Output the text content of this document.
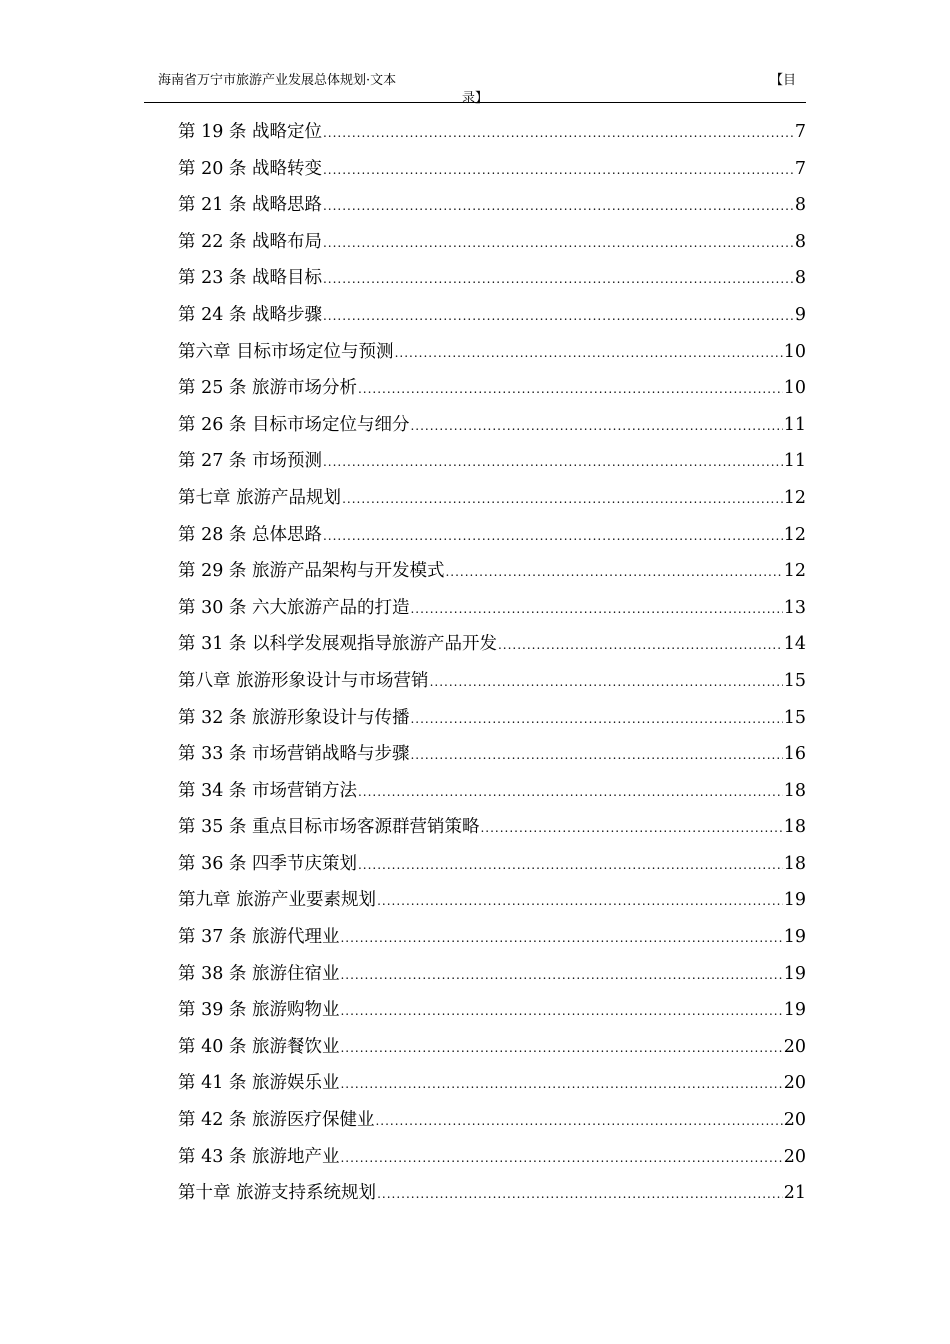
海南省万宁市旅游产业发展总体规划·文本	【目
录】
第 19 条 战略定位 .....	7
第 20 条 战略转变 .....	7
第 21 条 战略思路 .....	8
第 22 条 战略布局 .....	8
第 23 条 战略目标 .....	8
第 24 条 战略步骤 .....	9
第六章 目标市场定位与预测 .....	10
第 25 条 旅游市场分析 .....	10
第 26 条 目标市场定位与细分 .....	11
第 27 条 市场预测 .....	11
第七章 旅游产品规划 .....	12
第 28 条 总体思路 .....	12
第 29 条 旅游产品架构与开发模式 .....	12
第 30 条 六大旅游产品的打造 .....	13
第 31 条 以科学发展观指导旅游产品开发 .....	14
第八章 旅游形象设计与市场营销 .....	15
第 32 条 旅游形象设计与传播 .....	15
第 33 条 市场营销战略与步骤 .....	16
第 34 条 市场营销方法 .....	18
第 35 条 重点目标市场客源群营销策略 .....	18
第 36 条 四季节庆策划 .....	18
第九章 旅游产业要素规划 .....	19
第 37 条 旅游代理业 .....	19
第 38 条 旅游住宿业 .....	19
第 39 条 旅游购物业 .....	19
第 40 条 旅游餐饮业 .....	20
第 41 条 旅游娱乐业 .....	20
第 42 条 旅游医疗保健业 .....	20
第 43 条 旅游地产业 .....	20
第十章 旅游支持系统规划 .....	21
